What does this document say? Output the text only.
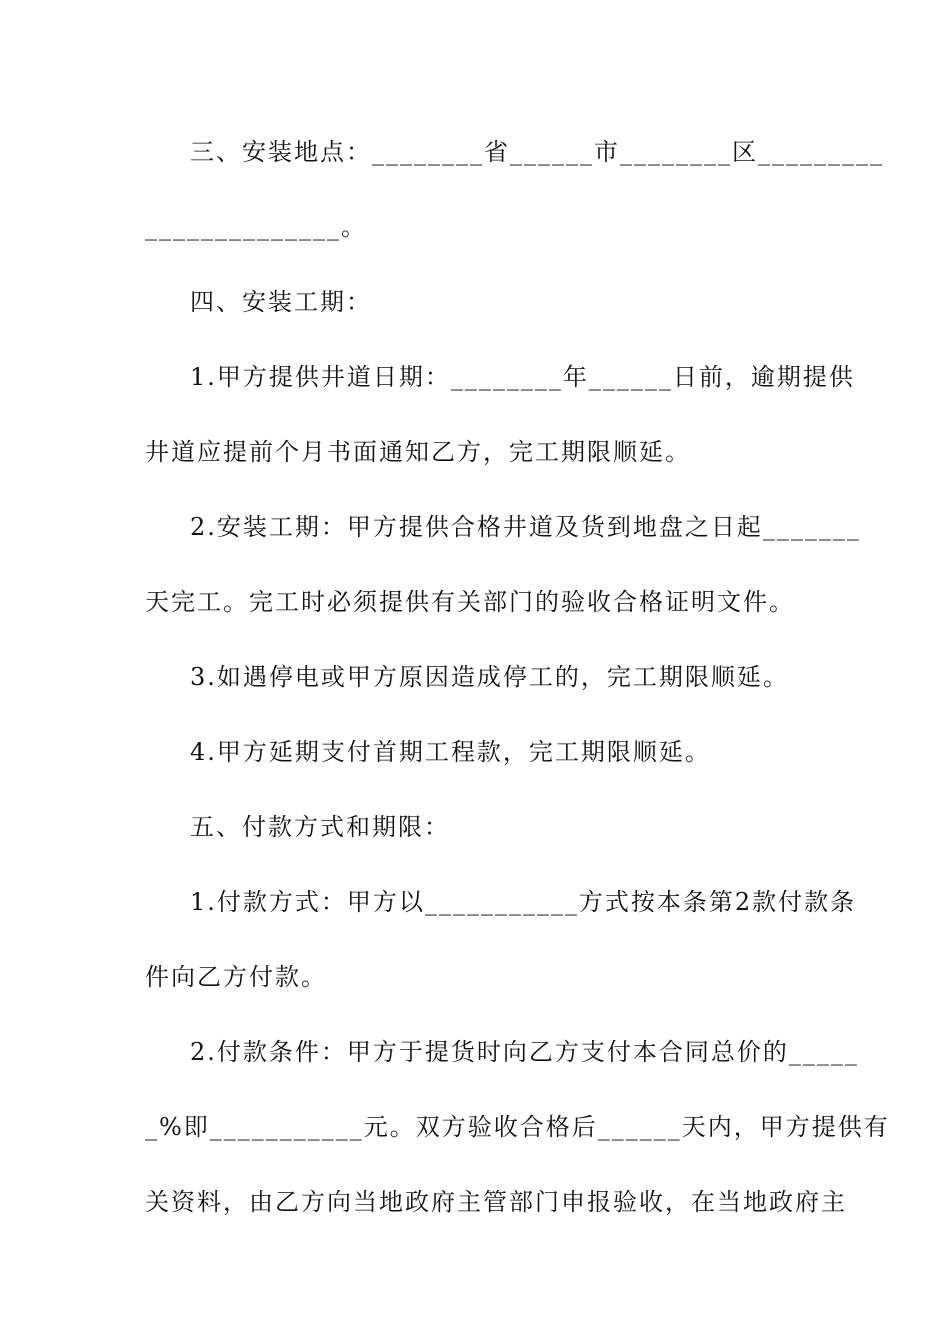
三、安装地点：________省______市________区_________
______________。
四、安装工期：
1.甲方提供井道日期：________年______日前，逾期提供
井道应提前个月书面通知乙方，完工期限顺延。
2.安装工期：甲方提供合格井道及货到地盘之日起_______
天完工。完工时必须提供有关部门的验收合格证明文件。
3.如遇停电或甲方原因造成停工的，完工期限顺延。
4.甲方延期支付首期工程款，完工期限顺延。
五、付款方式和期限：
1.付款方式：甲方以___________方式按本条第2款付款条
件向乙方付款。
2.付款条件：甲方于提货时向乙方支付本合同总价的_____
_%即___________元。双方验收合格后______天内，甲方提供有
关资料，由乙方向当地政府主管部门申报验收，在当地政府主
